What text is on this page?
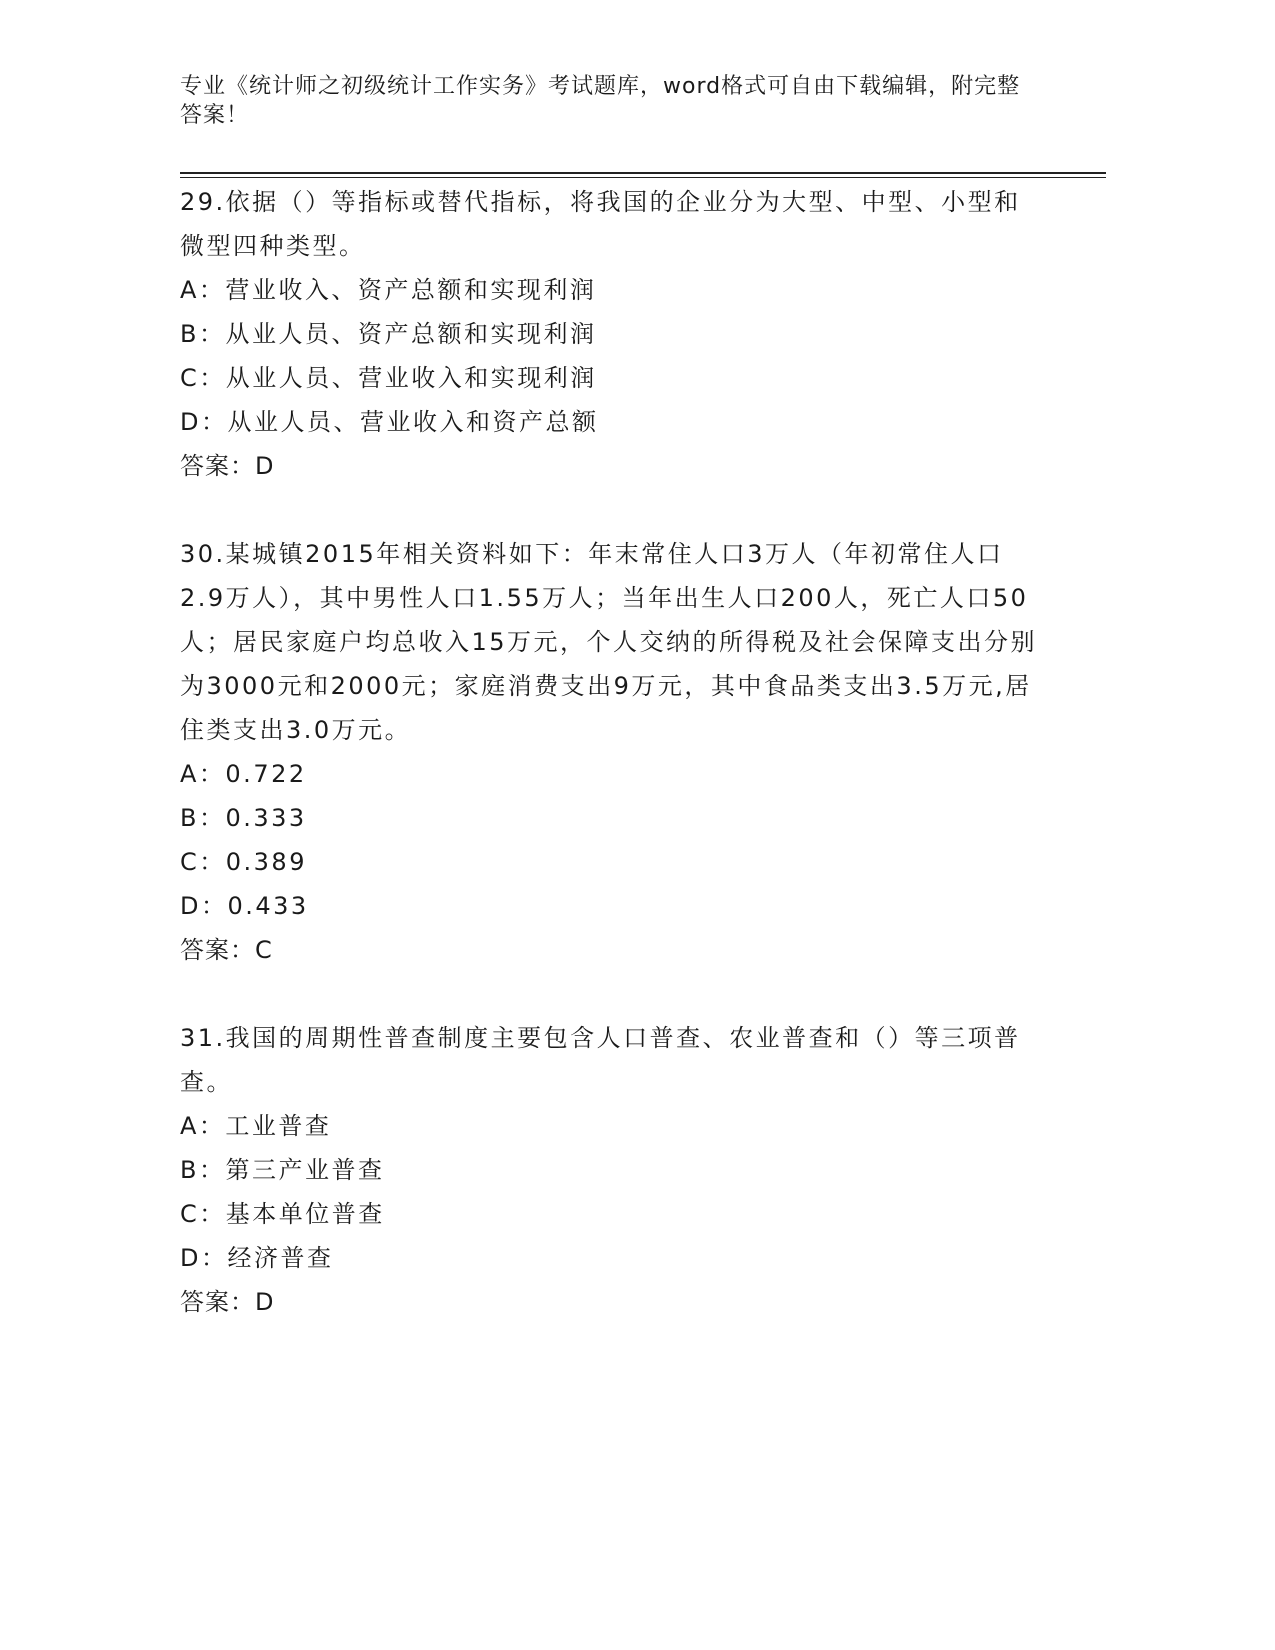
专业《统计师之初级统计工作实务》考试题库，word格式可自由下载编辑，附完整答案！

29.依据（）等指标或替代指标，将我国的企业分为大型、中型、小型和微型四种类型。

A：营业收入、资产总额和实现利润

B：从业人员、资产总额和实现利润

C：从业人员、营业收入和实现利润

D：从业人员、营业收入和资产总额

答案：D

30.某城镇2015年相关资料如下：年末常住人口3万人（年初常住人口2.9万人），其中男性人口1.55万人；当年出生人口200人，死亡人口50人；居民家庭户均总收入15万元，个人交纳的所得税及社会保障支出分别为3000元和2000元；家庭消费支出9万元，其中食品类支出3.5万元,居住类支出3.0万元。

A：0.722

B：0.333

C：0.389

D：0.433

答案：C

31.我国的周期性普查制度主要包含人口普查、农业普查和（）等三项普查。

A：工业普查

B：第三产业普查

C：基本单位普查

D：经济普查

答案：D
